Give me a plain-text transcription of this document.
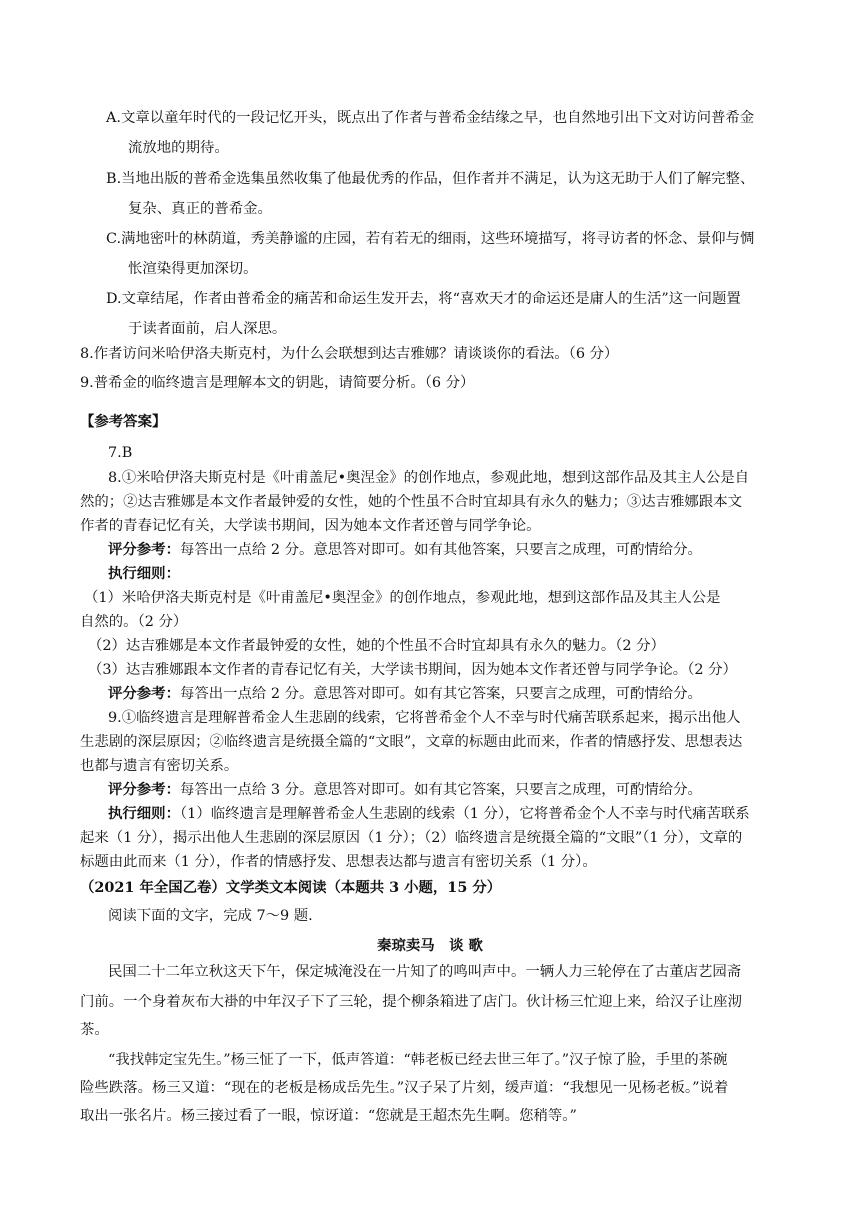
A.文章以童年时代的一段记忆开头，既点出了作者与普希金结缘之早，也自然地引出下文对访问普希金
流放地的期待。
B.当地出版的普希金选集虽然收集了他最优秀的作品，但作者并不满足，认为这无助于人们了解完整、
复杂、真正的普希金。
C.满地密叶的林荫道，秀美静谧的庄园，若有若无的细雨，这些环境描写，将寻访者的怀念、景仰与惆
怅渲染得更加深切。
D.文章结尾，作者由普希金的痛苦和命运生发开去，将“喜欢天才的命运还是庸人的生活”这一问题置
于读者面前，启人深思。
8.作者访问米哈伊洛夫斯克村，为什么会联想到达吉雅娜？请谈谈你的看法。（6 分）
9.普希金的临终遗言是理解本文的钥匙，请简要分析。（6 分）
【参考答案】
7.B
8.①米哈伊洛夫斯克村是《叶甫盖尼•奥涅金》的创作地点，参观此地，想到这部作品及其主人公是自
然的；②达吉雅娜是本文作者最钟爱的女性，她的个性虽不合时宜却具有永久的魅力；③达吉雅娜跟本文
作者的青春记忆有关，大学读书期间，因为她本文作者还曾与同学争论。
评分参考：每答出一点给 2 分。意思答对即可。如有其他答案，只要言之成理，可酌情给分。
执行细则：
（1）米哈伊洛夫斯克村是《叶甫盖尼•奥涅金》的创作地点，参观此地，想到这部作品及其主人公是
自然的。（2 分）
（2）达吉雅娜是本文作者最钟爱的女性，她的个性虽不合时宜却具有永久的魅力。（2 分）
（3）达吉雅娜跟本文作者的青春记忆有关，大学读书期间，因为她本文作者还曾与同学争论。（2 分）
评分参考：每答出一点给 2 分。意思答对即可。如有其它答案，只要言之成理，可酌情给分。
9.①临终遗言是理解普希金人生悲剧的线索，它将普希金个人不幸与时代痛苦联系起来，揭示出他人
生悲剧的深层原因；②临终遗言是统摄全篇的“文眼”，文章的标题由此而来，作者的情感抒发、思想表达
也都与遗言有密切关系。
评分参考：每答出一点给 3 分。意思答对即可。如有其它答案，只要言之成理，可酌情给分。
执行细则：（1）临终遗言是理解普希金人生悲剧的线索（1 分），它将普希金个人不幸与时代痛苦联系
起来（1 分），揭示出他人生悲剧的深层原因（1 分）；（2）临终遗言是统摄全篇的“文眼”（1 分），文章的
标题由此而来（1 分），作者的情感抒发、思想表达都与遗言有密切关系（1 分）。
（2021 年全国乙卷）文学类文本阅读（本题共 3 小题，15 分）
阅读下面的文字，完成 7～9 题.
秦琼卖马　谈 歌
民国二十二年立秋这天下午，保定城淹没在一片知了的鸣叫声中。一辆人力三轮停在了古董店艺园斋
门前。一个身着灰布大褂的中年汉子下了三轮，提个柳条箱进了店门。伙计杨三忙迎上来，给汉子让座沏
茶。
“我找韩定宝先生。”杨三怔了一下，低声答道：“韩老板已经去世三年了。”汉子惊了脸，手里的茶碗
险些跌落。杨三又道：“现在的老板是杨成岳先生。”汉子呆了片刻，缓声道：“我想见一见杨老板。”说着
取出一张名片。杨三接过看了一眼，惊讶道：“您就是王超杰先生啊。您稍等。”
